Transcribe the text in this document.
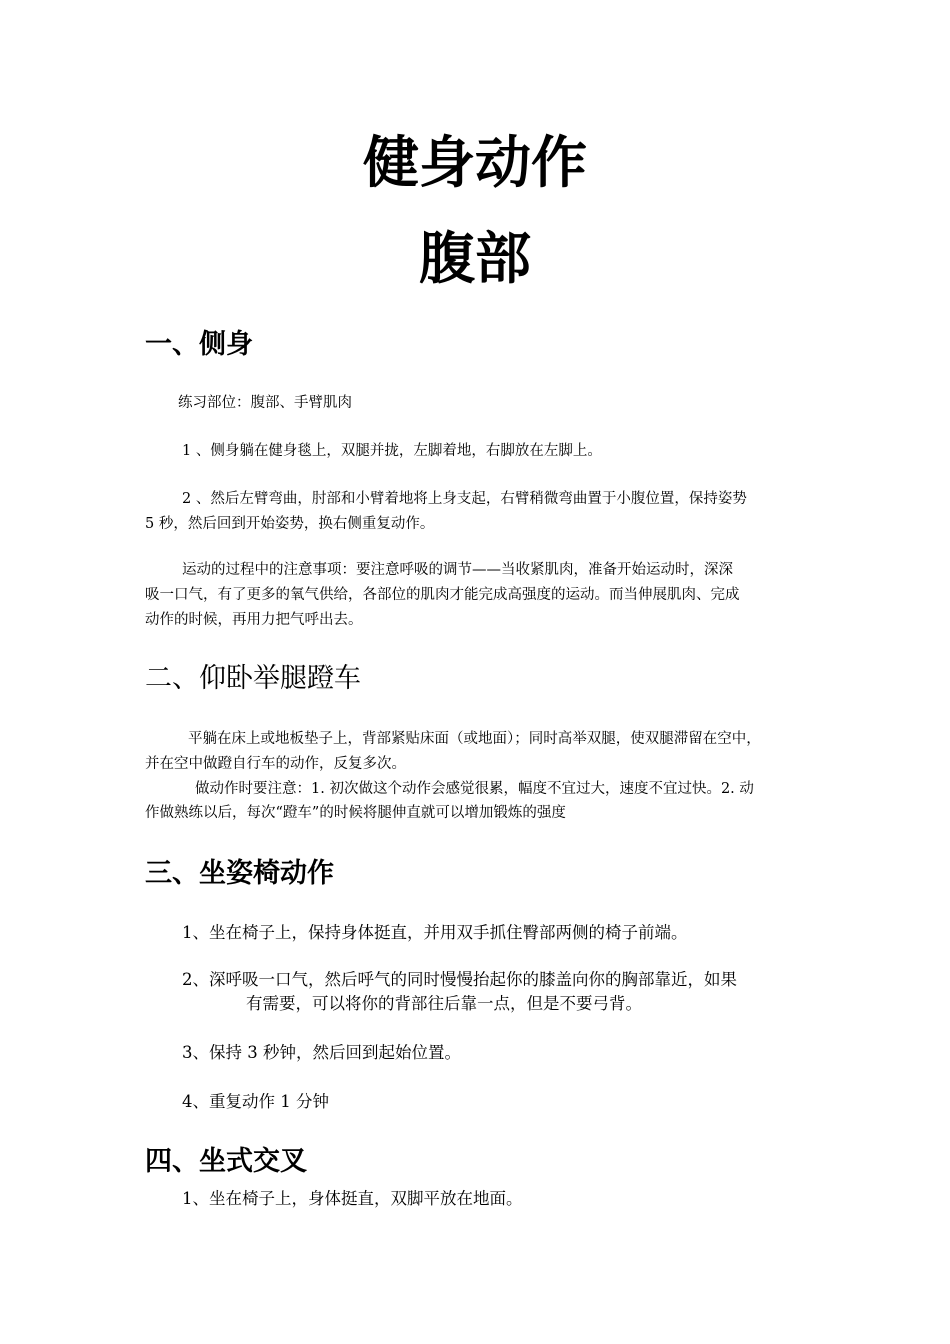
健身动作
腹部
一、侧身
练习部位：腹部、手臂肌肉
1 、侧身躺在健身毯上，双腿并拢，左脚着地，右脚放在左脚上。
2 、然后左臂弯曲，肘部和小臂着地将上身支起，右臂稍微弯曲置于小腹位置，保持姿势
5 秒，然后回到开始姿势，换右侧重复动作。
运动的过程中的注意事项：要注意呼吸的调节——当收紧肌肉，准备开始运动时，深深
吸一口气，有了更多的氧气供给，各部位的肌肉才能完成高强度的运动。而当伸展肌肉、完成
动作的时候，再用力把气呼出去。
二、仰卧举腿蹬车
平躺在床上或地板垫子上，背部紧贴床面（或地面）；同时高举双腿，使双腿滞留在空中，
并在空中做蹬自行车的动作，反复多次。
做动作时要注意：1. 初次做这个动作会感觉很累，幅度不宜过大，速度不宜过快。2. 动
作做熟练以后，每次“蹬车”的时候将腿伸直就可以增加锻炼的强度
三、坐姿椅动作
1、坐在椅子上，保持身体挺直，并用双手抓住臀部两侧的椅子前端。
2、深呼吸一口气，然后呼气的同时慢慢抬起你的膝盖向你的胸部靠近，如果
有需要，可以将你的背部往后靠一点，但是不要弓背。
3、保持 3 秒钟，然后回到起始位置。
4、重复动作 1 分钟
四、坐式交叉
1、坐在椅子上，身体挺直，双脚平放在地面。
